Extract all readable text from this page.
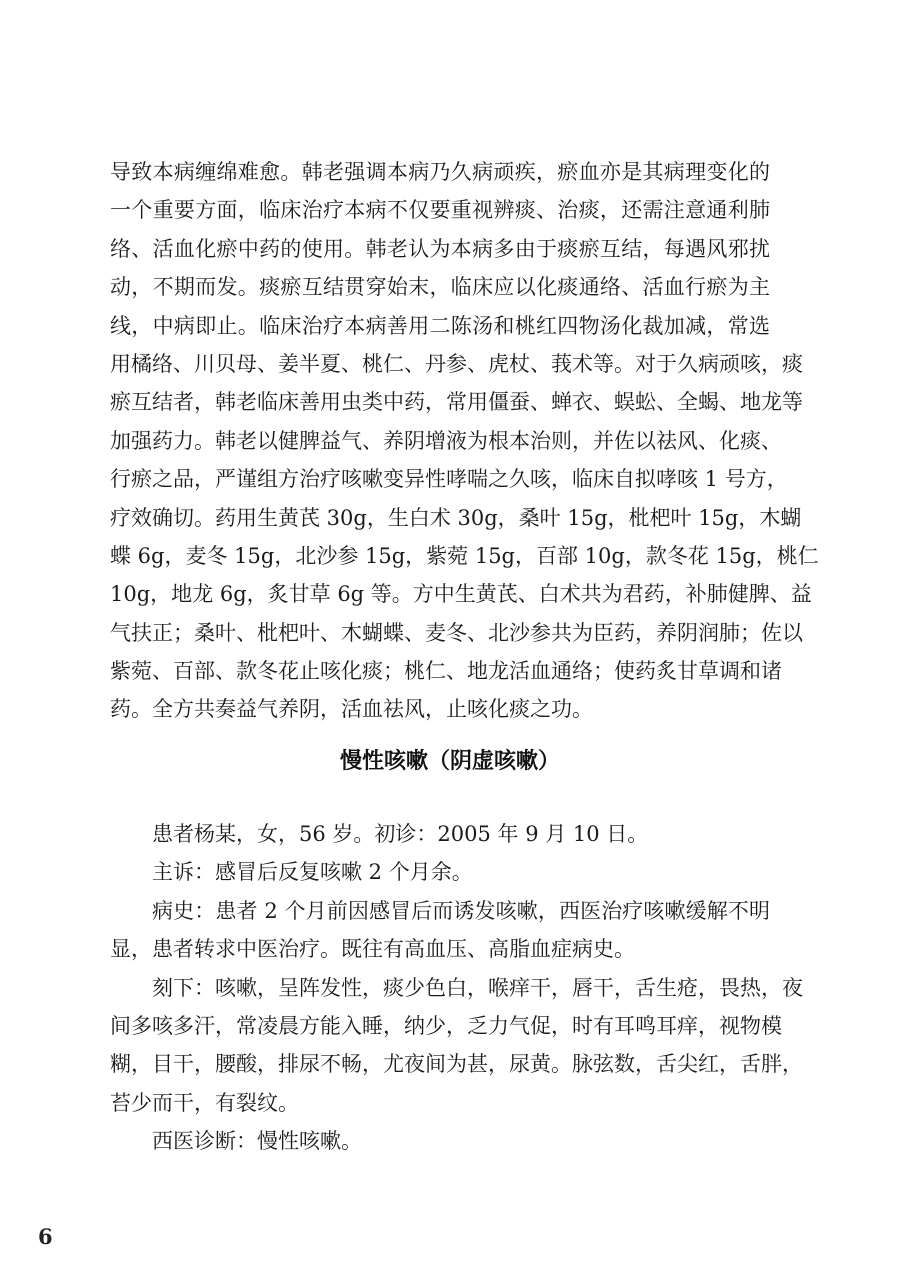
导致本病缠绵难愈。韩老强调本病乃久病顽疾，瘀血亦是其病理变化的
一个重要方面，临床治疗本病不仅要重视辨痰、治痰，还需注意通利肺
络、活血化瘀中药的使用。韩老认为本病多由于痰瘀互结，每遇风邪扰
动，不期而发。痰瘀互结贯穿始末，临床应以化痰通络、活血行瘀为主
线，中病即止。临床治疗本病善用二陈汤和桃红四物汤化裁加减，常选
用橘络、川贝母、姜半夏、桃仁、丹参、虎杖、莪术等。对于久病顽咳，痰
瘀互结者，韩老临床善用虫类中药，常用僵蚕、蝉衣、蜈蚣、全蝎、地龙等
加强药力。韩老以健脾益气、养阴增液为根本治则，并佐以祛风、化痰、
行瘀之品，严谨组方治疗咳嗽变异性哮喘之久咳，临床自拟哮咳 1 号方，
疗效确切。药用生黄芪 30g，生白术 30g，桑叶 15g，枇杷叶 15g，木蝴
蝶 6g，麦冬 15g，北沙参 15g，紫菀 15g，百部 10g，款冬花 15g，桃仁
10g，地龙 6g，炙甘草 6g 等。方中生黄芪、白术共为君药，补肺健脾、益
气扶正；桑叶、枇杷叶、木蝴蝶、麦冬、北沙参共为臣药，养阴润肺；佐以
紫菀、百部、款冬花止咳化痰；桃仁、地龙活血通络；使药炙甘草调和诸
药。全方共奏益气养阴，活血祛风，止咳化痰之功。
慢性咳嗽（阴虚咳嗽）
患者杨某，女，56 岁。初诊：2005 年 9 月 10 日。
主诉：感冒后反复咳嗽 2 个月余。
病史：患者 2 个月前因感冒后而诱发咳嗽，西医治疗咳嗽缓解不明
显，患者转求中医治疗。既往有高血压、高脂血症病史。
刻下：咳嗽，呈阵发性，痰少色白，喉痒干，唇干，舌生疮，畏热，夜
间多咳多汗，常凌晨方能入睡，纳少，乏力气促，时有耳鸣耳痒，视物模
糊，目干，腰酸，排尿不畅，尤夜间为甚，尿黄。脉弦数，舌尖红，舌胖，
苔少而干，有裂纹。
西医诊断：慢性咳嗽。
6
